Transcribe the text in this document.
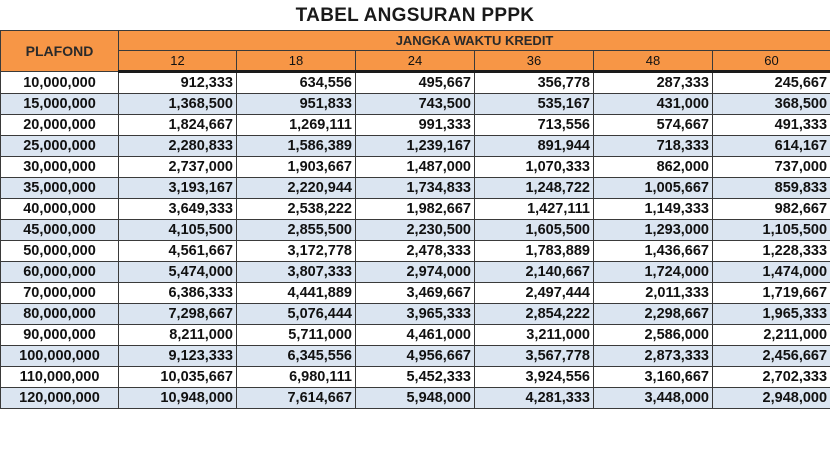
TABEL ANGSURAN PPPK
PLAFOND	JANGKA WAKTU KREDIT					
	12	18	24	36	48	60
10,000,000	912,333	634,556	495,667	356,778	287,333	245,667
15,000,000	1,368,500	951,833	743,500	535,167	431,000	368,500
20,000,000	1,824,667	1,269,111	991,333	713,556	574,667	491,333
25,000,000	2,280,833	1,586,389	1,239,167	891,944	718,333	614,167
30,000,000	2,737,000	1,903,667	1,487,000	1,070,333	862,000	737,000
35,000,000	3,193,167	2,220,944	1,734,833	1,248,722	1,005,667	859,833
40,000,000	3,649,333	2,538,222	1,982,667	1,427,111	1,149,333	982,667
45,000,000	4,105,500	2,855,500	2,230,500	1,605,500	1,293,000	1,105,500
50,000,000	4,561,667	3,172,778	2,478,333	1,783,889	1,436,667	1,228,333
60,000,000	5,474,000	3,807,333	2,974,000	2,140,667	1,724,000	1,474,000
70,000,000	6,386,333	4,441,889	3,469,667	2,497,444	2,011,333	1,719,667
80,000,000	7,298,667	5,076,444	3,965,333	2,854,222	2,298,667	1,965,333
90,000,000	8,211,000	5,711,000	4,461,000	3,211,000	2,586,000	2,211,000
100,000,000	9,123,333	6,345,556	4,956,667	3,567,778	2,873,333	2,456,667
110,000,000	10,035,667	6,980,111	5,452,333	3,924,556	3,160,667	2,702,333
120,000,000	10,948,000	7,614,667	5,948,000	4,281,333	3,448,000	2,948,000
